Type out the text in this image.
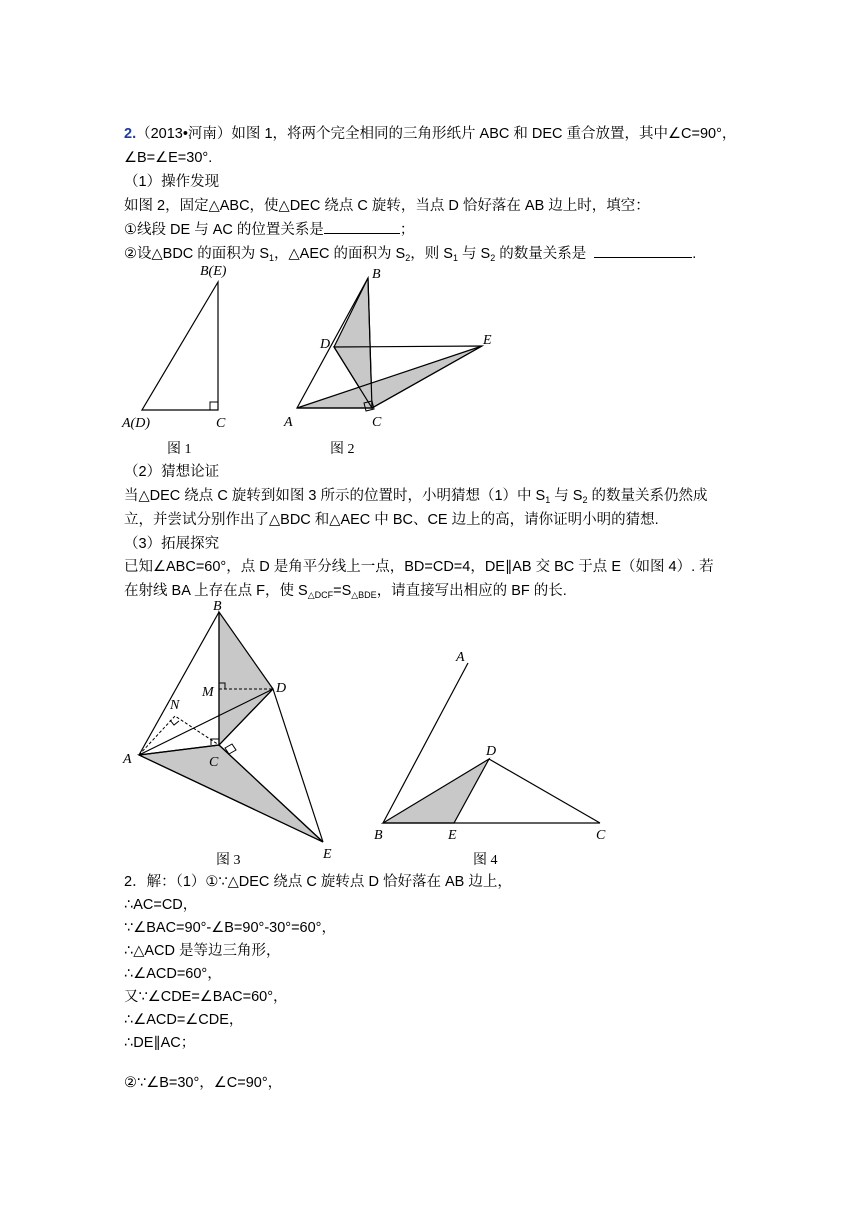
2.（2013•河南）如图 1，将两个完全相同的三角形纸片 ABC 和 DEC 重合放置，其中∠C=90°，
∠B=∠E=30°.
（1）操作发现
如图 2，固定△ABC，使△DEC 绕点 C 旋转，当点 D 恰好落在 AB 边上时，填空：
①线段 DE 与 AC 的位置关系是	；
②设△BDC 的面积为 $S_1$，△AEC 的面积为 $S_2$，则 $S_1$ 与 $S_2$ 的数量关系是	.
B(E)
A(D)	C
图 1
B
D	E
A	C
图 2
（2）猜想论证
当△DEC 绕点 C 旋转到如图 3 所示的位置时，小明猜想（1）中 $S_1$ 与 $S_2$ 的数量关系仍然成
立，并尝试分别作出了△BDC 和△AEC 中 BC、CE 边上的高，请你证明小明的猜想.
（3）拓展探究
已知∠ABC=60°，点 D 是角平分线上一点，BD=CD=4，DE∥AB 交 BC 于点 E（如图 4）. 若
在射线 BA 上存在点 F，使 $S_{\triangle DCF}=S_{\triangle BDE}$，请直接写出相应的 BF 的长.
B
M	D
N
A	C
E
图 3
A
D
B	E	C
图 4
2．解：（1）①∵△DEC 绕点 C 旋转点 D 恰好落在 AB 边上，
∴AC=CD，
∵∠BAC=90°-∠B=90°-30°=60°，
∴△ACD 是等边三角形，
∴∠ACD=60°，
又∵∠CDE=∠BAC=60°，
∴∠ACD=∠CDE，
∴DE∥AC；
②∵∠B=30°，∠C=90°，
